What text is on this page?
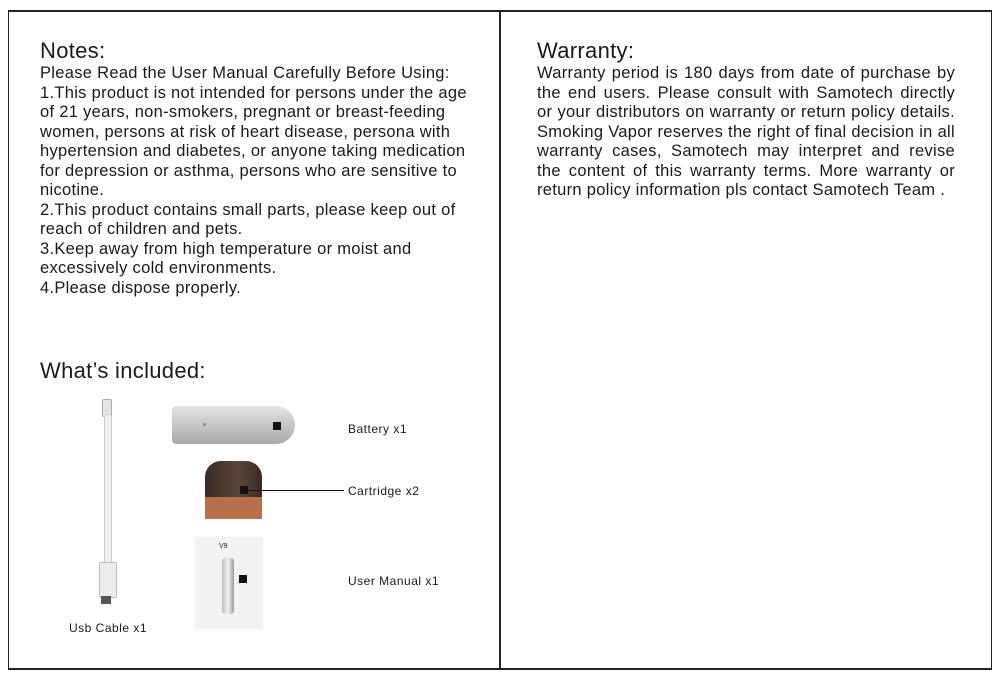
Notes:

Please Read the User Manual Carefully Before Using:

1.This product is not intended for persons under the age of 21 years, non-smokers, pregnant or breast-feeding women, persons at risk of heart disease, persona with hypertension and diabetes, or anyone taking medication for depression or asthma, persons who are sensitive to nicotine.

2.This product contains small parts, please keep out of reach of children and pets.

3.Keep away from high temperature or moist and excessively cold environments.

4.Please dispose properly.

What’s included:
Usb Cable x1
Battery x1
Cartridge x2
V9
User Manual x1
Warranty:

Warranty period is 180 days from date of purchase by the end users. Please consult with Samotech directly or your distributors on warranty or return policy details. Smoking Vapor reserves the right of final decision in all warranty cases, Samotech may interpret and revise the content of this warranty terms. More warranty or return policy information pls contact Samotech Team .
